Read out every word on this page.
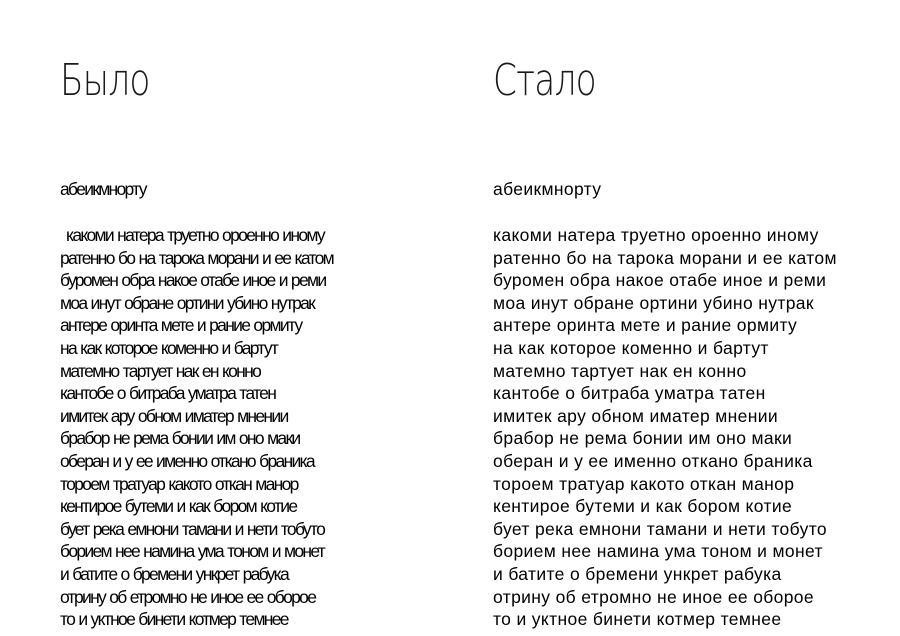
Было
абеикмнорту
какоми натера труетно ороенно иному
ратенно бо на тарока морани и ее катом
буромен обра накое отабе иное и реми
моа инут обране ортини убино нутрак
антере оринта мете и рание ормиту
на как которое коменно и бартут
матемно тартует нак ен конно
кантобе о битраба уматра татен
имитек ару обном иматер мнении
брабор не рема бонии им оно маки
оберан и у ее именно откано браника
тороем тратуар какото откан манор
кентирое бутеми и как бором котие
бует река емнони тамани и нети тобуто
борием нее намина ума тоном и монет
и батите о бремени ункрет рабука
отрину об етромно не иное ее оборое
то и уктное бинети котмер темнее
Стало
абеикмнорту
какоми натера труетно ороенно иному
ратенно бо на тарока морани и ее катом
буромен обра накое отабе иное и реми
моа инут обране ортини убино нутрак
антере оринта мете и рание ормиту
на как которое коменно и бартут
матемно тартует нак ен конно
кантобе о битраба уматра татен
имитек ару обном иматер мнении
брабор не рема бонии им оно маки
оберан и у ее именно откано браника
тороем тратуар какото откан манор
кентирое бутеми и как бором котие
бует река емнони тамани и нети тобуто
борием нее намина ума тоном и монет
и батите о бремени ункрет рабука
отрину об етромно не иное ее оборое
то и уктное бинети котмер темнее
